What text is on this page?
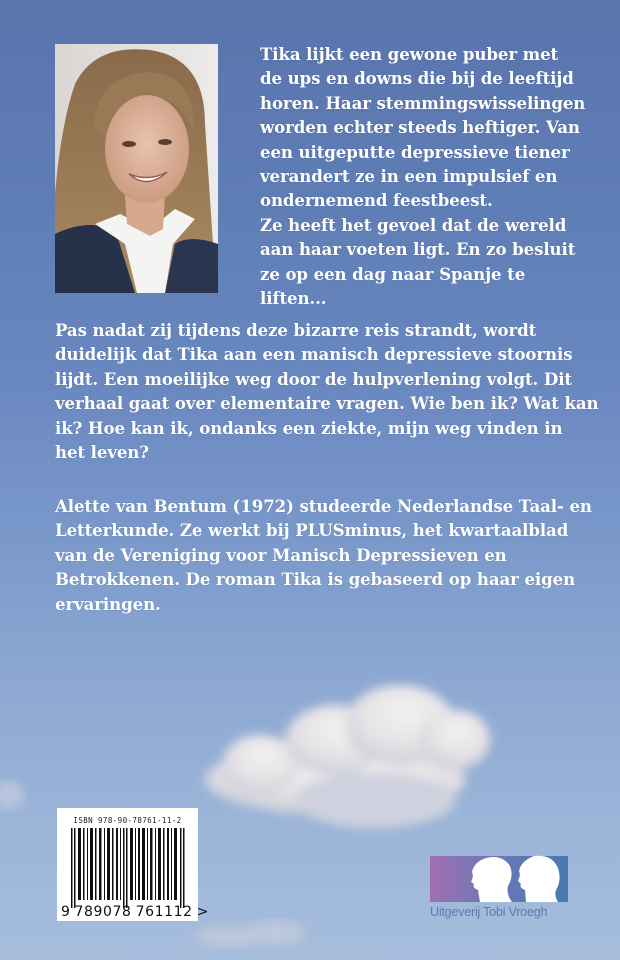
Tika lijkt een gewone puber met
de ups en downs die bij de leeftijd
horen. Haar stemmingswisselingen
worden echter steeds heftiger. Van
een uitgeputte depressieve tiener
verandert ze in een impulsief en
ondernemend feestbeest.
Ze heeft het gevoel dat de wereld
aan haar voeten ligt. En zo besluit
ze op een dag naar Spanje te
liften...
Pas nadat zij tijdens deze bizarre reis strandt, wordt
duidelijk dat Tika aan een manisch depressieve stoornis
lijdt. Een moeilijke weg door de hulpverlening volgt. Dit
verhaal gaat over elementaire vragen. Wie ben ik? Wat kan
ik? Hoe kan ik, ondanks een ziekte, mijn weg vinden in
het leven?
Alette van Bentum (1972) studeerde Nederlandse Taal- en
Letterkunde. Ze werkt bij PLUSminus, het kwartaalblad
van de Vereniging voor Manisch Depressieven en
Betrokkenen. De roman Tika is gebaseerd op haar eigen
ervaringen.
ISBN 978-90-78761-11-2
9 789078 761112 >	Uitgeverij Tobi Vroegh
